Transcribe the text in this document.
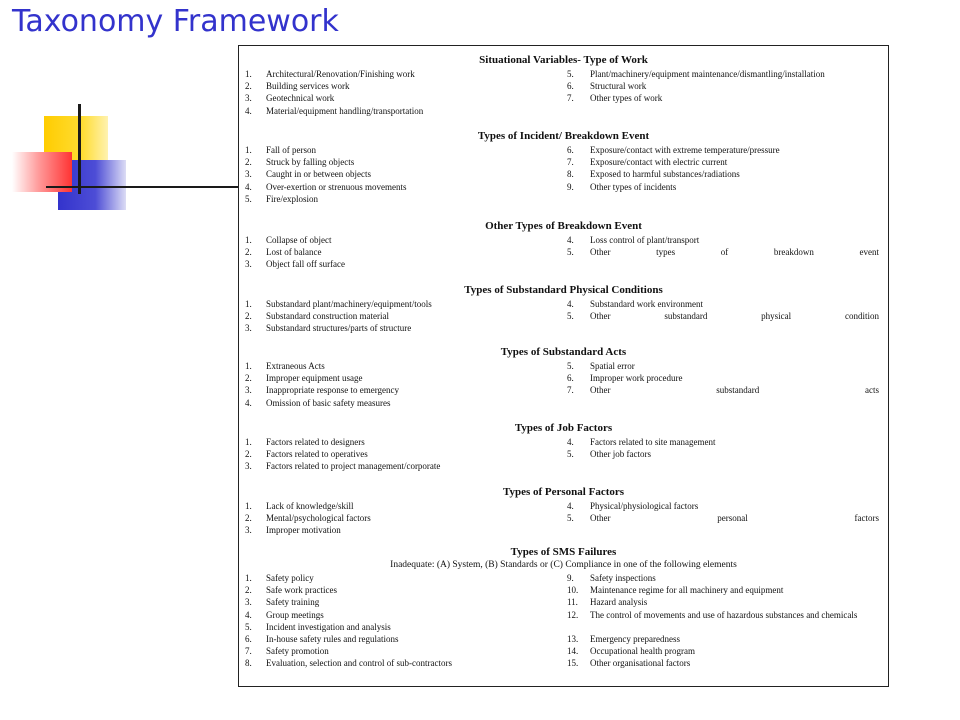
Taxonomy Framework
Situational Variables- Type of Work
1. Architectural/Renovation/Finishing work
2. Building services work
3. Geotechnical work
4. Material/equipment handling/transportation
5. Plant/machinery/equipment maintenance/dismantling/installation
6. Structural work
7. Other types of work
Types of Incident/ Breakdown Event
1. Fall of person
2. Struck by falling objects
3. Caught in or between objects
4. Over-exertion or strenuous movements
5. Fire/explosion
6. Exposure/contact with extreme temperature/pressure
7. Exposure/contact with electric current
8. Exposed to harmful substances/radiations
9. Other types of incidents
Other Types of Breakdown Event
1. Collapse of object
2. Lost of balance
3. Object fall off surface
4. Loss control of plant/transport
5. Other	types	of	breakdown	event
Types of Substandard Physical Conditions
1. Substandard plant/machinery/equipment/tools
2. Substandard construction material
3. Substandard structures/parts of structure
4. Substandard work environment
5. Other	substandard	physical	condition
Types of Substandard Acts
1. Extraneous Acts
2. Improper equipment usage
3. Inappropriate response to emergency
4. Omission of basic safety measures
5. Spatial error
6. Improper work procedure
7. Other	substandard	acts
Types of Job Factors
1. Factors related to designers
2. Factors related to operatives
3. Factors related to project management/corporate
4. Factors related to site management
5. Other job factors
Types of Personal Factors
1. Lack of knowledge/skill
2. Mental/psychological factors
3. Improper motivation
4. Physical/physiological factors
5. Other	personal	factors
Types of SMS Failures
Inadequate: (A) System, (B) Standards or (C) Compliance in one of the following elements
1. Safety policy
2. Safe work practices
3. Safety training
4. Group meetings
5. Incident investigation and analysis
6. In-house safety rules and regulations
7. Safety promotion
8. Evaluation, selection and control of sub-contractors
9. Safety inspections
10. Maintenance regime for all machinery and equipment
11. Hazard analysis
12. The control of movements and use of hazardous substances and chemicals
13. Emergency preparedness
14. Occupational health program
15. Other organisational factors
